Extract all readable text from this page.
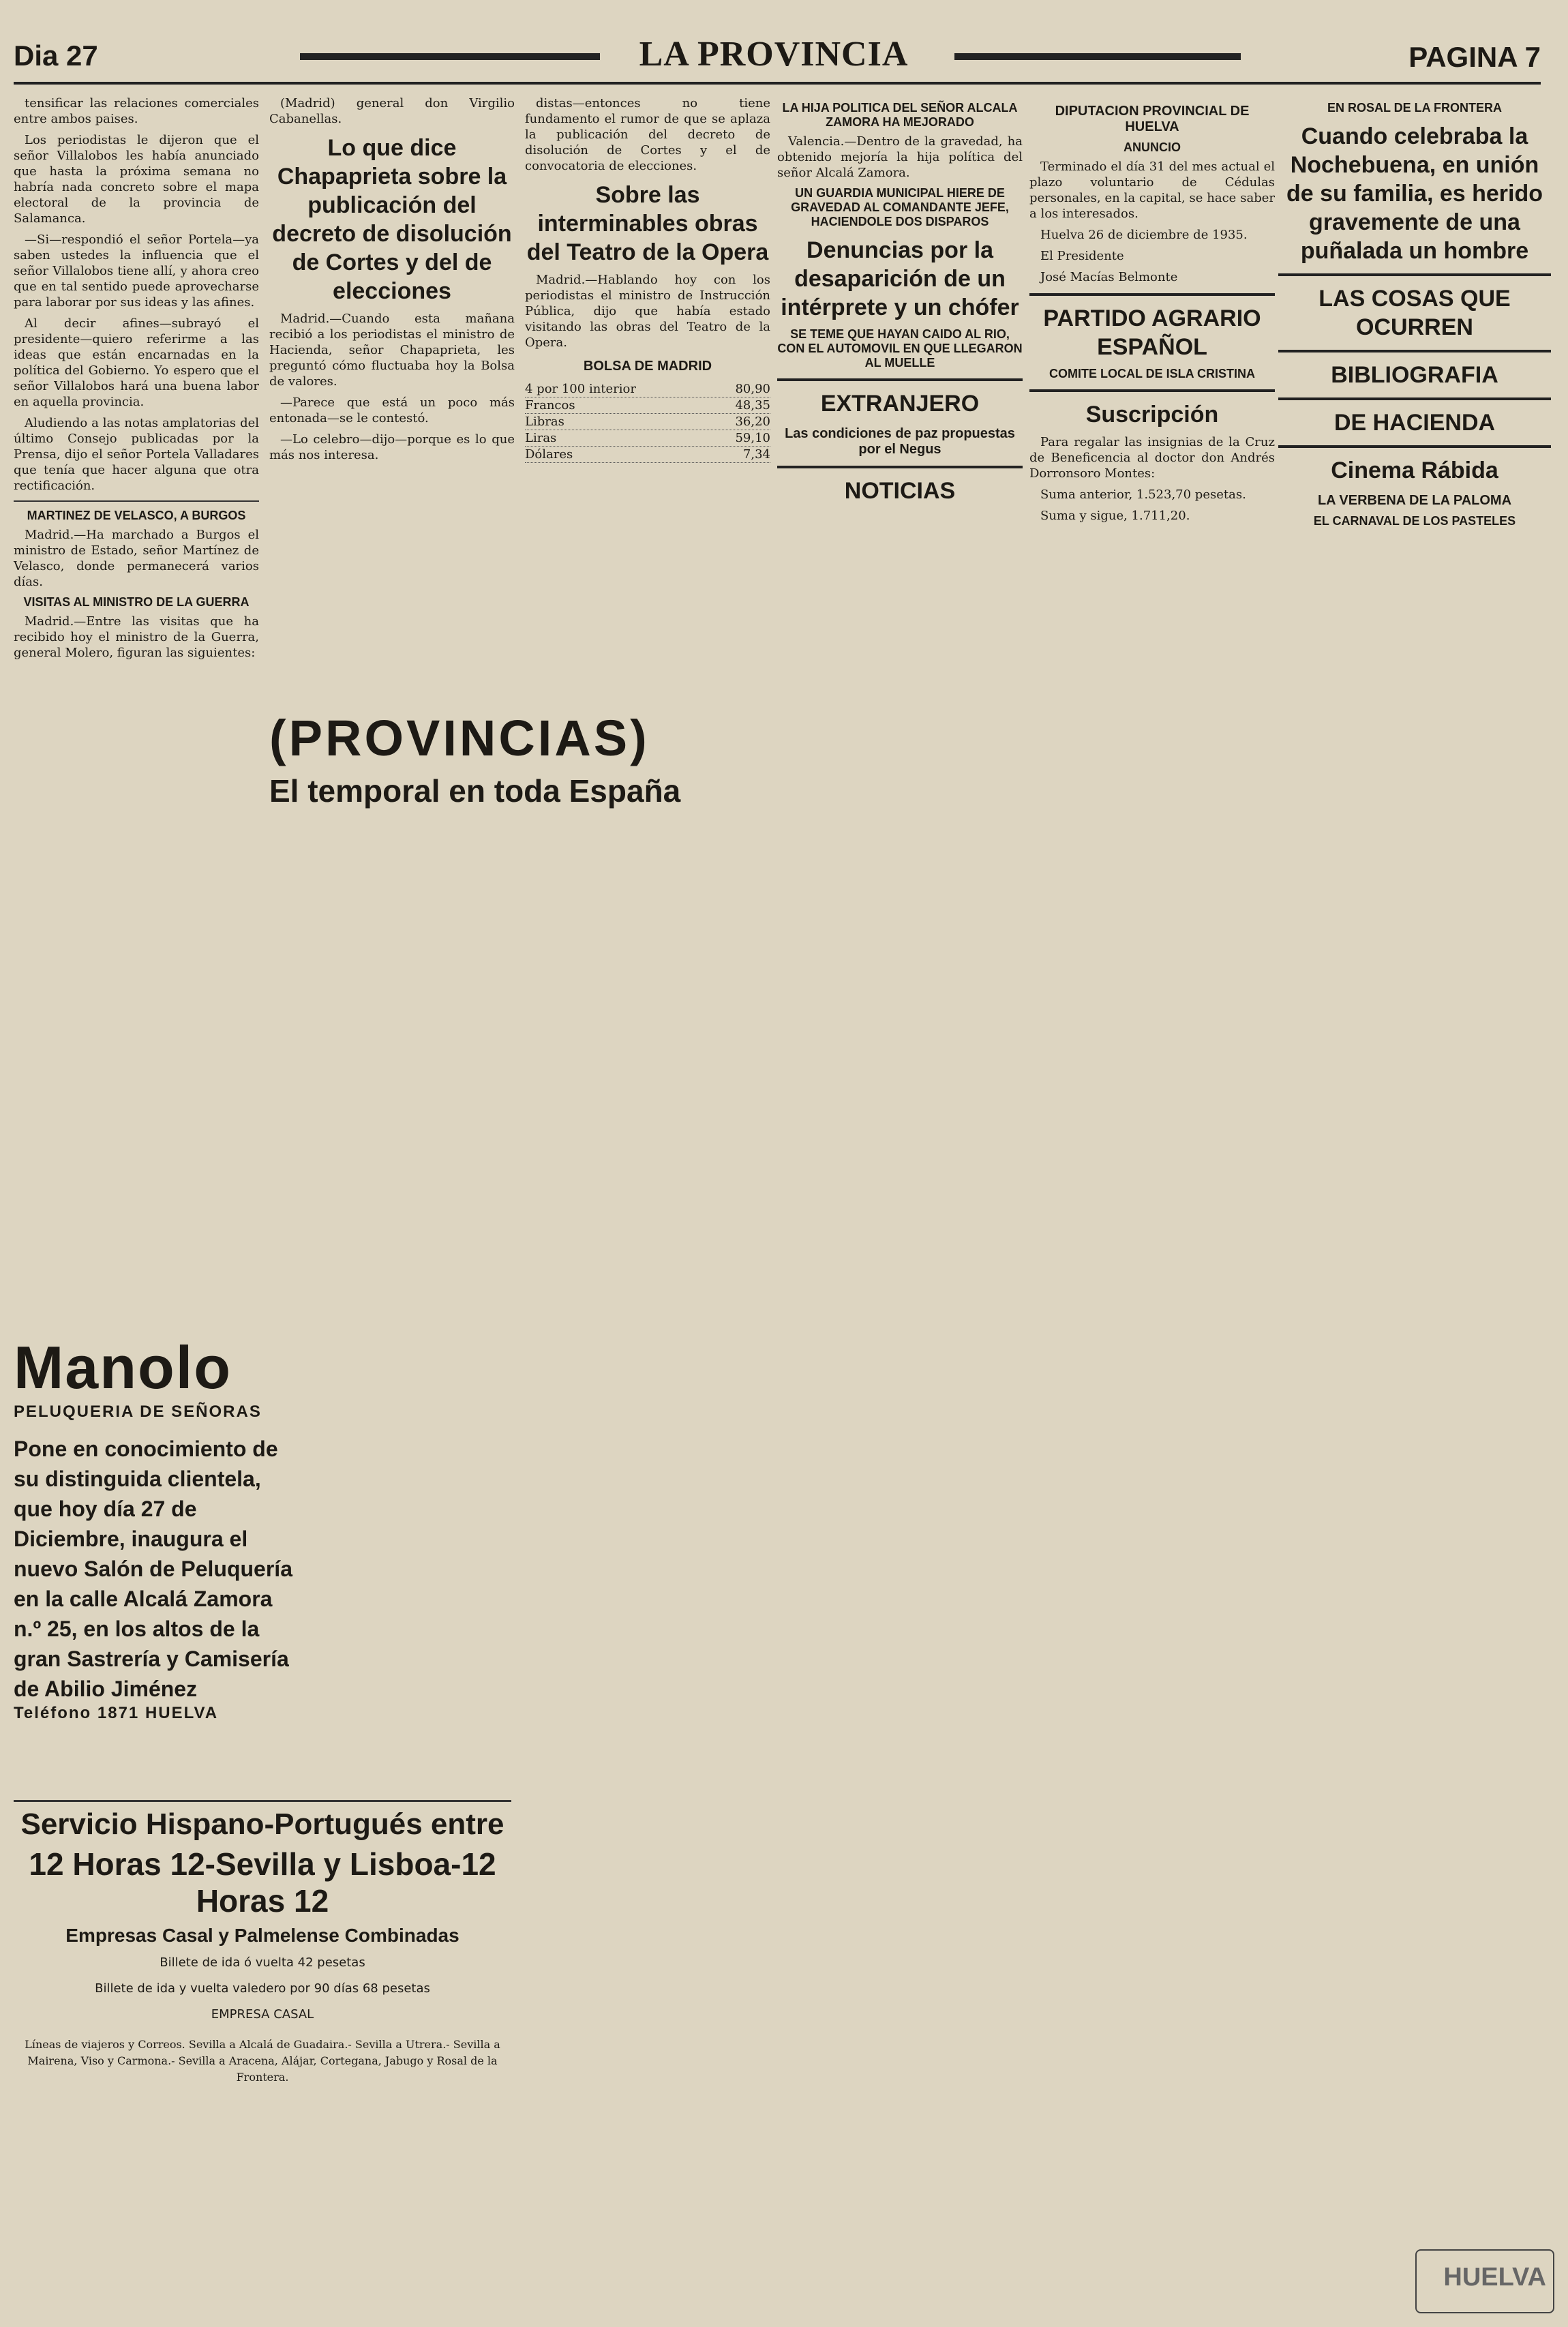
Dia 27	LA PROVINCIA	PAGINA 7

tensificar las relaciones comerciales entre ambos paises.

Los periodistas le dijeron que el señor Villalobos les había anunciado que hasta la próxima semana no habría nada concreto sobre el mapa electoral de la provincia de Salamanca.

—Si—respondió el señor Portela—ya saben ustedes la influencia que el señor Villalobos tiene allí, y ahora creo que en tal sentido puede aprovecharse para laborar por sus ideas y las afines.

Al decir afines—subrayó el presidente—quiero referirme a las ideas que están encarnadas en la política del Gobierno. Yo espero que el señor Villalobos hará una buena labor en aquella provincia.

Aludiendo a las notas amplatorias del último Consejo publicadas por la Prensa, dijo el señor Portela Valladares que tenía que hacer alguna que otra rectificación.

MARTINEZ DE VELASCO, A BURGOS

Madrid.—Ha marchado a Burgos el ministro de Estado, señor Martínez de Velasco, donde permanecerá varios días.

VISITAS AL MINISTRO DE LA GUERRA

Madrid.—Entre las visitas que ha recibido hoy el ministro de la Guerra, general Molero, figuran las siguientes:

(Madrid) general don Virgilio Cabanellas.

Lo que dice Chapaprieta sobre la publicación del decreto de disolución de Cortes y del de elecciones

Madrid.—Cuando esta mañana recibió a los periodistas el ministro de Hacienda, señor Chapaprieta, les preguntó cómo fluctuaba hoy la Bolsa de valores.

—Parece que está un poco más entonada—se le contestó.

—Lo celebro—dijo—porque es lo que más nos interesa.

distas—entonces no tiene fundamento el rumor de que se aplaza la publicación del decreto de disolución de Cortes y el de convocatoria de elecciones.

Sobre las interminables obras del Teatro de la Opera

Madrid.—Hablando hoy con los periodistas el ministro de Instrucción Pública, dijo que había estado visitando las obras del Teatro de la Opera.

BOLSA DE MADRID
4 por 100 interior	80,90
Francos	48,35
Libras	36,20
Liras	59,10
Dólares	7,34
LA HIJA POLITICA DEL SEÑOR ALCALA ZAMORA HA MEJORADO

Valencia.—Dentro de la gravedad, ha obtenido mejoría la hija política del señor Alcalá Zamora.

UN GUARDIA MUNICIPAL HIERE DE GRAVEDAD AL COMANDANTE JEFE, HACIENDOLE DOS DISPAROS
Denuncias por la desaparición de un intérprete y un chófer
SE TEME QUE HAYAN CAIDO AL RIO, CON EL AUTOMOVIL EN QUE LLEGARON AL MUELLE
EXTRANJERO
Las condiciones de paz propuestas por el Negus
NOTICIAS
DIPUTACION PROVINCIAL DE HUELVA
ANUNCIO

Terminado el día 31 del mes actual el plazo voluntario de Cédulas personales, en la capital, se hace saber a los interesados.

Huelva 26 de diciembre de 1935.

El Presidente

José Macías Belmonte

PARTIDO AGRARIO ESPAÑOL
COMITE LOCAL DE ISLA CRISTINA
Suscripción

Para regalar las insignias de la Cruz de Beneficencia al doctor don Andrés Dorronsoro Montes:

Suma anterior, 1.523,70 pesetas.

Suma y sigue, 1.711,20.

EN ROSAL DE LA FRONTERA
Cuando celebraba la Nochebuena, en unión de su familia, es herido gravemente de una puñalada un hombre
LAS COSAS QUE OCURREN
BIBLIOGRAFIA
DE HACIENDA
Cinema Rábida
LA VERBENA DE LA PALOMA
EL CARNAVAL DE LOS PASTELES
(PROVINCIAS)
El temporal en toda España
Manolo
PELUQUERIA DE SEÑORAS
Pone en conocimiento de su distinguida clientela, que hoy día 27 de Diciembre, inaugura el nuevo Salón de Peluquería en la calle Alcalá Zamora n.º 25, en los altos de la gran Sastrería y Camisería de Abilio Jiménez
Teléfono 1871 HUELVA
Servicio Hispano-Portugués entre
12 Horas 12-Sevilla y Lisboa-12 Horas 12
Empresas Casal y Palmelense Combinadas
Billete de ida ó vuelta 42 pesetas
Billete de ida y vuelta valedero por 90 días 68 pesetas
EMPRESA CASAL
Líneas de viajeros y Correos. Sevilla a Alcalá de Guadaira.- Sevilla a Utrera.- Sevilla a Mairena, Viso y Carmona.- Sevilla a Aracena, Alájar, Cortegana, Jabugo y Rosal de la Frontera.
HUELVA
